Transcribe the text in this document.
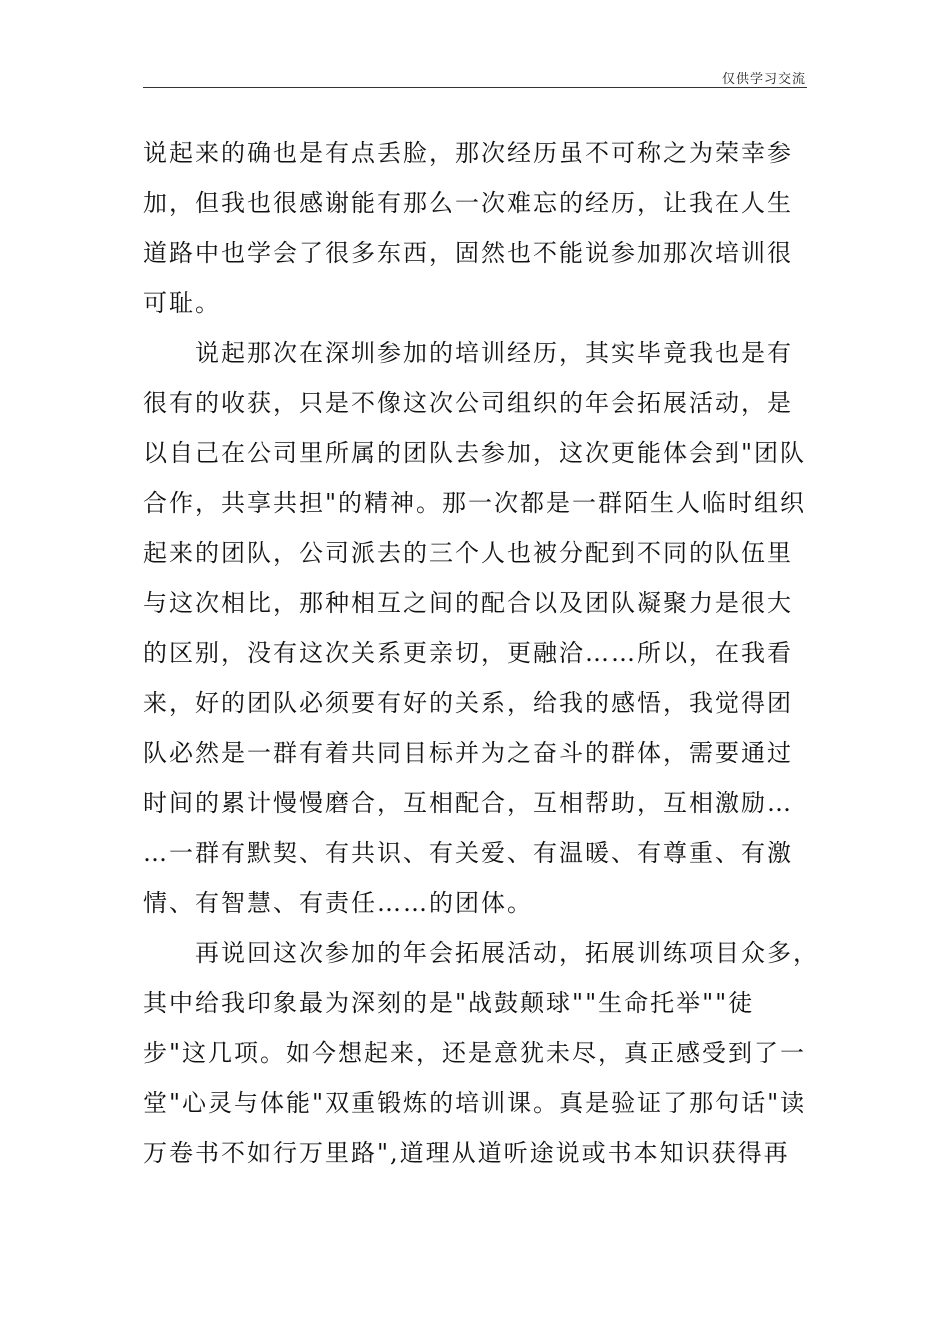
仅供学习交流
说起来的确也是有点丢脸，那次经历虽不可称之为荣幸参
加，但我也很感谢能有那么一次难忘的经历，让我在人生
道路中也学会了很多东西，固然也不能说参加那次培训很
可耻。
　　说起那次在深圳参加的培训经历，其实毕竟我也是有
很有的收获，只是不像这次公司组织的年会拓展活动，是
以自己在公司里所属的团队去参加，这次更能体会到"团队
合作，共享共担"的精神。那一次都是一群陌生人临时组织
起来的团队，公司派去的三个人也被分配到不同的队伍里
与这次相比，那种相互之间的配合以及团队凝聚力是很大
的区别，没有这次关系更亲切，更融洽……所以，在我看
来，好的团队必须要有好的关系，给我的感悟，我觉得团
队必然是一群有着共同目标并为之奋斗的群体，需要通过
时间的累计慢慢磨合，互相配合，互相帮助，互相激励…
…一群有默契、有共识、有关爱、有温暖、有尊重、有激
情、有智慧、有责任……的团体。
　　再说回这次参加的年会拓展活动，拓展训练项目众多，
其中给我印象最为深刻的是"战鼓颠球""生命托举""徒
步"这几项。如今想起来，还是意犹未尽，真正感受到了一
堂"心灵与体能"双重锻炼的培训课。真是验证了那句话"读
万卷书不如行万里路",道理从道听途说或书本知识获得再
